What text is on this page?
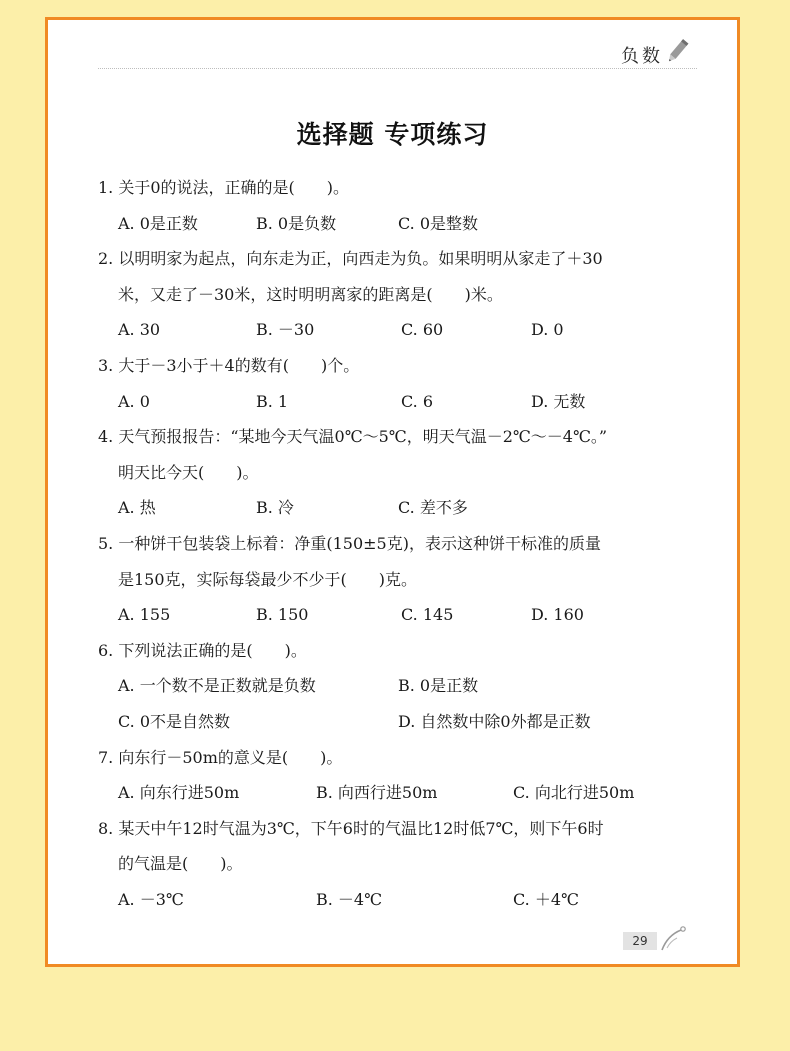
负数
选择题 专项练习
1. 关于0的说法，正确的是(　　)。
A. 0是正数	B. 0是负数	C. 0是整数
2. 以明明家为起点，向东走为正，向西走为负。如果明明从家走了＋30
米，又走了－30米，这时明明离家的距离是(　　)米。
A. 30	B. －30	C. 60	D. 0
3. 大于－3小于＋4的数有(　　)个。
A. 0	B. 1	C. 6	D. 无数
4. 天气预报报告：“某地今天气温0℃～5℃，明天气温－2℃～－4℃。”
明天比今天(　　)。
A. 热	B. 冷	C. 差不多
5. 一种饼干包装袋上标着：净重(150±5克)，表示这种饼干标准的质量
是150克，实际每袋最少不少于(　　)克。
A. 155	B. 150	C. 145	D. 160
6. 下列说法正确的是(　　)。
A. 一个数不是正数就是负数	B. 0是正数
C. 0不是自然数	D. 自然数中除0外都是正数
7. 向东行－50m的意义是(　　)。
A. 向东行进50m	B. 向西行进50m	C. 向北行进50m
8. 某天中午12时气温为3℃，下午6时的气温比12时低7℃，则下午6时
的气温是(　　)。
A. －3℃	B. －4℃	C. ＋4℃
29
